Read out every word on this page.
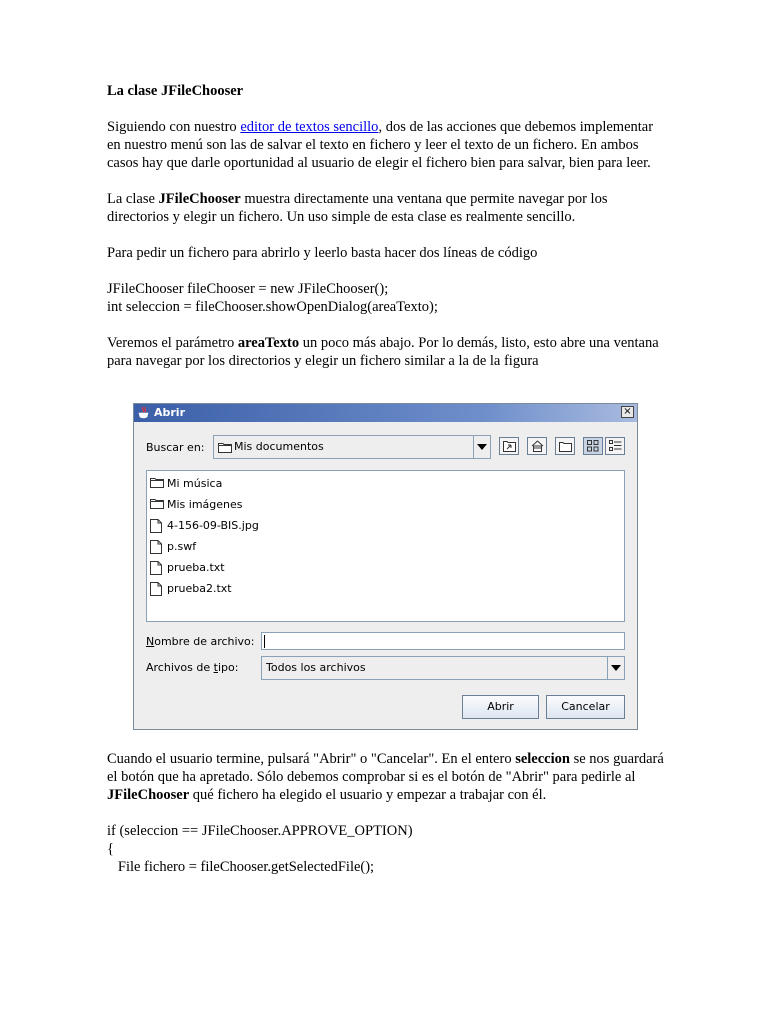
La clase JFileChooser

Siguiendo con nuestro editor de textos sencillo, dos de las acciones que debemos implementar en nuestro menú son las de salvar el texto en fichero y leer el texto de un fichero. En ambos casos hay que darle oportunidad al usuario de elegir el fichero bien para salvar, bien para leer.

La clase JFileChooser muestra directamente una ventana que permite navegar por los directorios y elegir un fichero. Un uso simple de esta clase es realmente sencillo.

Para pedir un fichero para abrirlo y leerlo basta hacer dos líneas de código

JFileChooser fileChooser = new JFileChooser();

int seleccion = fileChooser.showOpenDialog(areaTexto);

Veremos el parámetro areaTexto un poco más abajo. Por lo demás, listo, esto abre una ventana para navegar por los directorios y elegir un fichero similar a la de la figura

Abrir	×
Buscar en:	Mis documentos
Mi música
Mis imágenes
4-156-09-BIS.jpg
p.swf
prueba.txt
prueba2.txt
Nombre de archivo:
Archivos de tipo:	Todos los archivos
Abrir	Cancelar

Cuando el usuario termine, pulsará "Abrir" o "Cancelar". En el entero seleccion se nos guardará el botón que ha apretado. Sólo debemos comprobar si es el botón de "Abrir" para pedirle al JFileChooser qué fichero ha elegido el usuario y empezar a trabajar con él.

if (seleccion == JFileChooser.APPROVE_OPTION)

{

File fichero = fileChooser.getSelectedFile();
